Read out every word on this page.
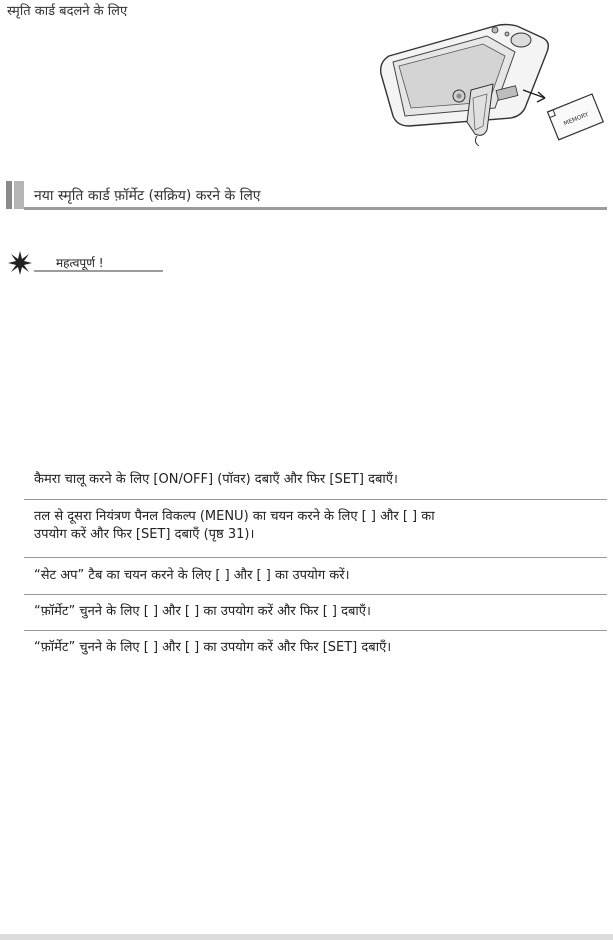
स्मृति कार्ड बदलने के लिए
MEMORY
नया स्मृति कार्ड फ़ॉर्मेट (सक्रिय) करने के लिए
महत्वपूर्ण !
कैमरा चालू करने के लिए [ON/OFF] (पॉवर) दबाएँ और फिर [SET] दबाएँ।
तल से दूसरा नियंत्रण पैनल विकल्प (MENU) का चयन करने के लिए [ ] और [ ] का
उपयोग करें और फिर [SET] दबाएँ (पृष्ठ 31)।
“सेट अप” टैब का चयन करने के लिए [ ] और [ ] का उपयोग करें।
“फ़ॉर्मेट” चुनने के लिए [ ] और [ ] का उपयोग करें और फिर [ ] दबाएँ।
“फ़ॉर्मेट” चुनने के लिए [ ] और [ ] का उपयोग करें और फिर [SET] दबाएँ।
